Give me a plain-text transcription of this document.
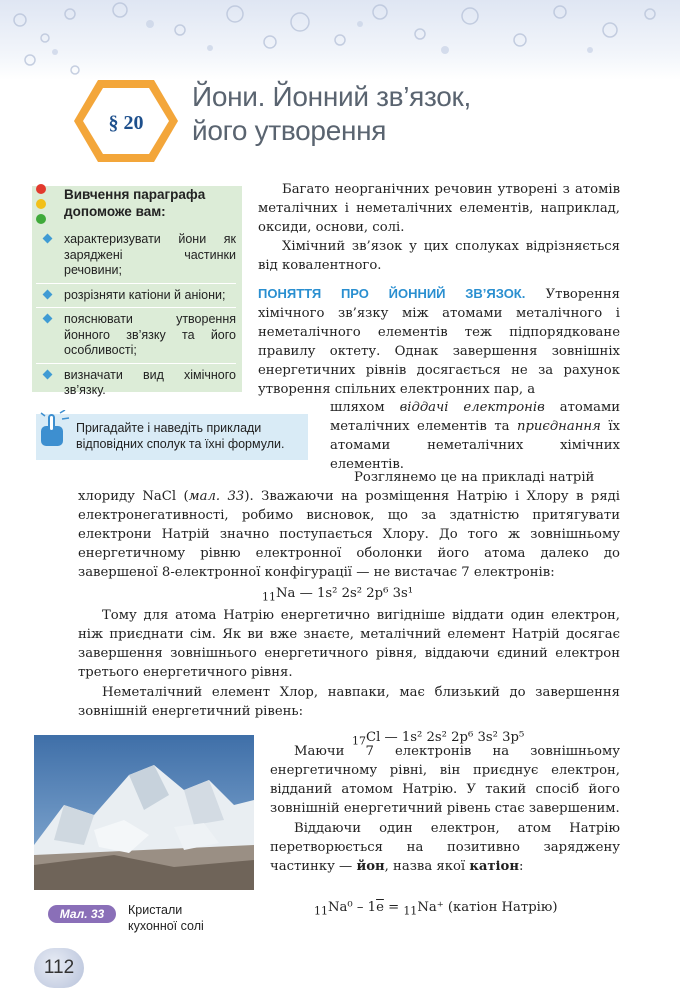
§ 20
Йони. Йонний зв’язок,
його утворення
Вивчення параграфа
допоможе вам:
характеризувати йони як заряджені частинки речовини;
розрізняти катіони й аніони;
пояснювати утворення йонного зв’язку та його особливості;
визначати вид хімічного зв’язку.
Пригадайте і наведіть приклади відповідних сполук та їхні формули.

Багато неорганічних речовин утворені з атомів металічних і неметалічних елементів, наприклад, оксиди, основи, солі.

Хімічний зв’язок у цих сполуках відрізняється від ковалентного.

ПОНЯТТЯ ПРО ЙОННИЙ ЗВ’ЯЗОК. Утворення хімічного зв’язку між атомами металічного і неметалічного елементів теж підпорядковане правилу октету. Однак завершення зовнішніх енергетичних рівнів досягається не за рахунок утворення спільних електронних пар, а

шляхом віддачі електронів атомами металічних елементів та приєднання їх атомами неметалічних хімічних елементів.

Розглянемо це на прикладі натрій

хлориду NaCl (мал. 33). Зважаючи на розміщення Натрію і Хлору в ряді електронегативності, робимо висновок, що за здатністю притягувати електрони Натрій значно поступається Хлору. До того ж зовнішньому енергетичному рівню електронної оболонки його атома далеко до завершеної 8-електронної конфігурації — не вистачає 7 електронів:

$_{11}$Na — 1s² 2s² 2p⁶ 3s¹

Тому для атома Натрію енергетично вигідніше віддати один електрон, ніж приєднати сім. Як ви вже знаєте, металічний елемент Натрій досягає завершення зовнішнього енергетичного рівня, віддаючи єдиний електрон третього енергетичного рівня.

Неметалічний елемент Хлор, навпаки, має близький до завершення зовнішній енергетичний рівень:

$_{17}$Cl — 1s² 2s² 2p⁶ 3s² 3p⁵

Маючи 7 електронів на зовнішньому енергетичному рівні, він приєднує електрон, відданий атомом Натрію. У такий спосіб його зовнішній енергетичний рівень стає завершеним.

Віддаючи один електрон, атом Натрію перетворюється на позитивно заряджену частинку — йон, назва якої катіон:

$_{11}Na^0 - 1\overline{e} = _{11}Na^+$ (катіон Натрію)
Мал. 33	Кристали
кухонної солі
112
